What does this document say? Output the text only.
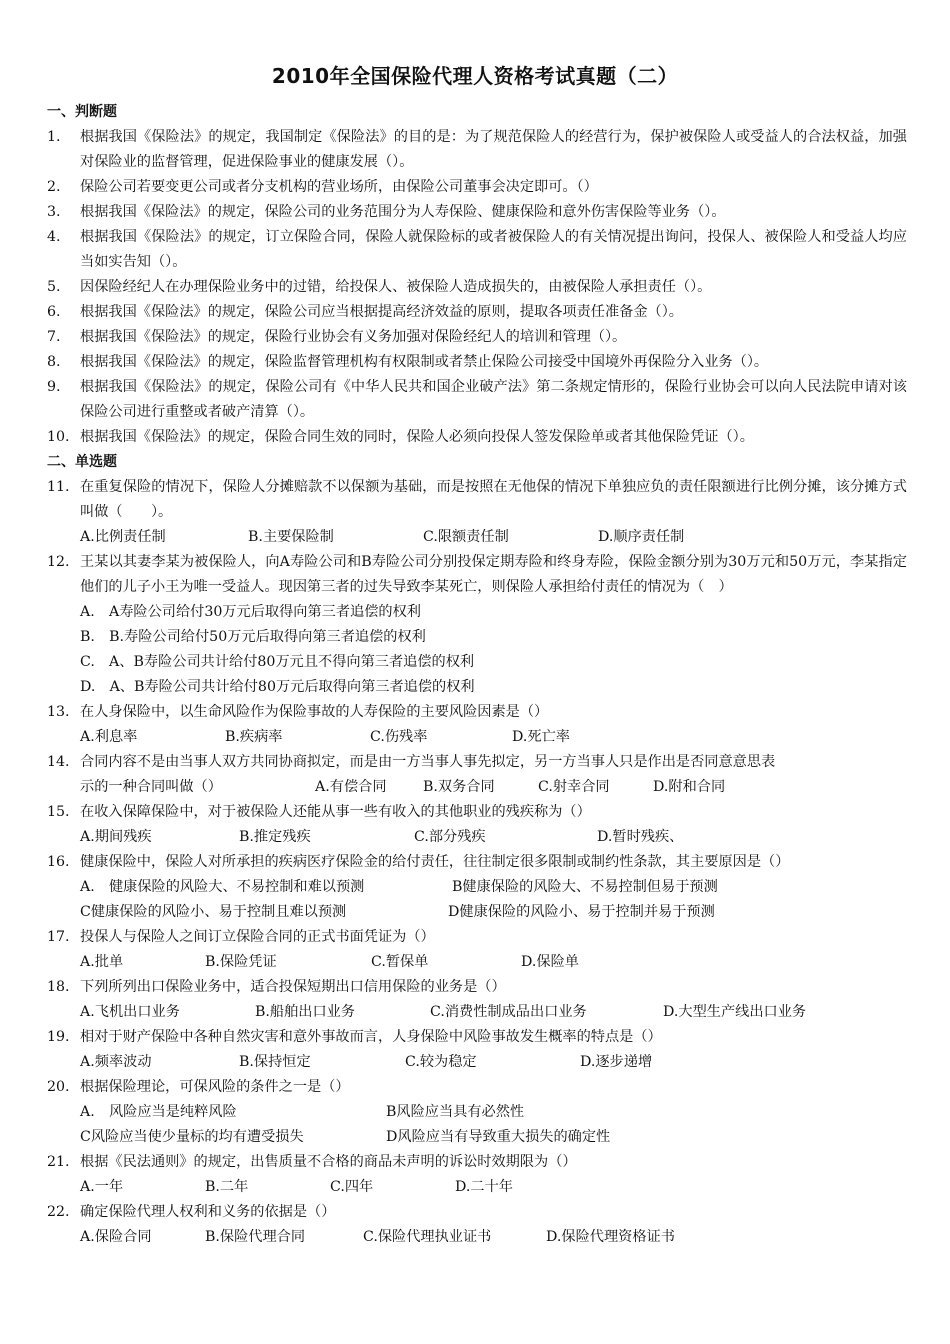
2010年全国保险代理人资格考试真题（二）
一、判断题
1.	根据我国《保险法》的规定，我国制定《保险法》的目的是：为了规范保险人的经营行为，保护被保险人或受益人的合法权益，加强对保险业的监督管理，促进保险事业的健康发展（）。
2.	保险公司若要变更公司或者分支机构的营业场所，由保险公司董事会决定即可。（）
3.	根据我国《保险法》的规定，保险公司的业务范围分为人寿保险、健康保险和意外伤害保险等业务（）。
4.	根据我国《保险法》的规定，订立保险合同，保险人就保险标的或者被保险人的有关情况提出询问，投保人、被保险人和受益人均应当如实告知（）。
5.	因保险经纪人在办理保险业务中的过错，给投保人、被保险人造成损失的，由被保险人承担责任（）。
6.	根据我国《保险法》的规定，保险公司应当根据提高经济效益的原则，提取各项责任准备金（）。
7.	根据我国《保险法》的规定，保险行业协会有义务加强对保险经纪人的培训和管理（）。
8.	根据我国《保险法》的规定，保险监督管理机构有权限制或者禁止保险公司接受中国境外再保险分入业务（）。
9.	根据我国《保险法》的规定，保险公司有《中华人民共和国企业破产法》第二条规定情形的，保险行业协会可以向人民法院申请对该保险公司进行重整或者破产清算（）。
10. 根据我国《保险法》的规定，保险合同生效的同时，保险人必须向投保人签发保险单或者其他保险凭证（）。
二、单选题
11. 在重复保险的情况下，保险人分摊赔款不以保额为基础，而是按照在无他保的情况下单独应负的责任限额进行比例分摊，该分摊方式叫做（　　）。
A.比例责任制	B.主要保险制	C.限额责任制	D.顺序责任制
12. 王某以其妻李某为被保险人，向A寿险公司和B寿险公司分别投保定期寿险和终身寿险，保险金额分别为30万元和50万元，李某指定他们的儿子小王为唯一受益人。现因第三者的过失导致李某死亡，则保险人承担给付责任的情况为（　）
A.　A寿险公司给付30万元后取得向第三者追偿的权利
B.　B.寿险公司给付50万元后取得向第三者追偿的权利
C.　A、B寿险公司共计给付80万元且不得向第三者追偿的权利
D.　A、B寿险公司共计给付80万元后取得向第三者追偿的权利
13. 在人身保险中，以生命风险作为保险事故的人寿保险的主要风险因素是（）
A.利息率	B.疾病率	C.伤残率	D.死亡率
14. 合同内容不是由当事人双方共同协商拟定，而是由一方当事人事先拟定，另一方当事人只是作出是否同意意思表
示的一种合同叫做（）	A.有偿合同	B.双务合同	C.射幸合同	D.附和合同
15. 在收入保障保险中，对于被保险人还能从事一些有收入的其他职业的残疾称为（）
A.期间残疾	B.推定残疾	C.部分残疾	D.暂时残疾、
16. 健康保险中，保险人对所承担的疾病医疗保险金的给付责任，往往制定很多限制或制约性条款，其主要原因是（）
A.　健康保险的风险大、不易控制和难以预测	B健康保险的风险大、不易控制但易于预测
C健康保险的风险小、易于控制且难以预测	D健康保险的风险小、易于控制并易于预测
17. 投保人与保险人之间订立保险合同的正式书面凭证为（）
A.批单	B.保险凭证	C.暂保单	D.保险单
18. 下列所列出口保险业务中，适合投保短期出口信用保险的业务是（）
A.飞机出口业务	B.船舶出口业务	C.消费性制成品出口业务	D.大型生产线出口业务
19. 相对于财产保险中各种自然灾害和意外事故而言，人身保险中风险事故发生概率的特点是（）
A.频率波动	B.保持恒定	C.较为稳定	D.逐步递增
20. 根据保险理论，可保风险的条件之一是（）
A.　风险应当是纯粹风险	B风险应当具有必然性
C风险应当使少量标的均有遭受损失	D风险应当有导致重大损失的确定性
21. 根据《民法通则》的规定，出售质量不合格的商品未声明的诉讼时效期限为（）
A.一年	B.二年	C.四年	D.二十年
22. 确定保险代理人权利和义务的依据是（）
A.保险合同	B.保险代理合同	C.保险代理执业证书	D.保险代理资格证书
